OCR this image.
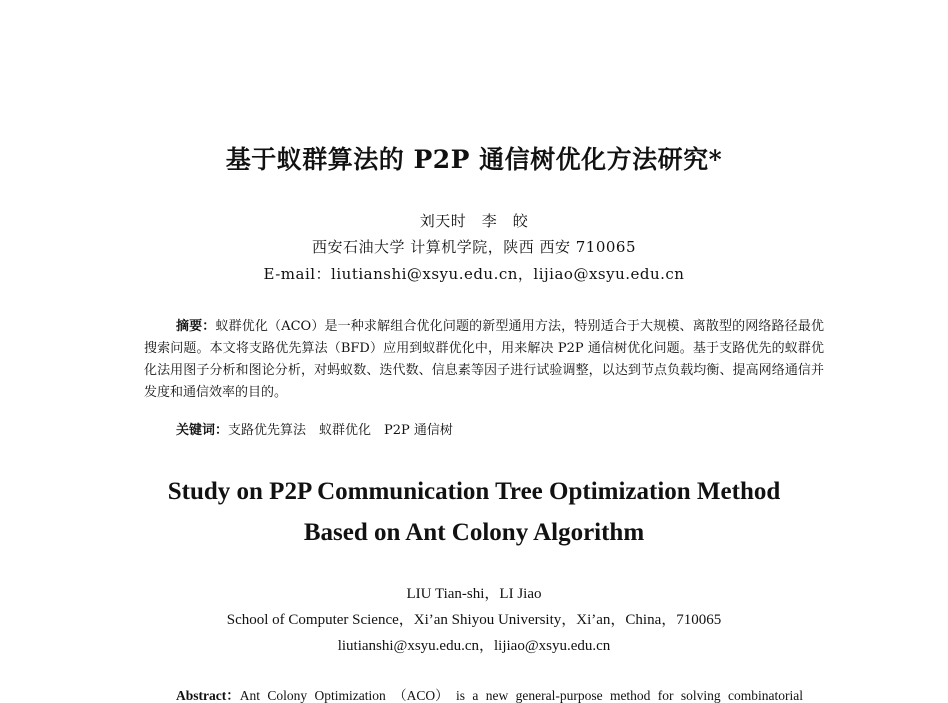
基于蚁群算法的 P2P 通信树优化方法研究*
刘天时　李　皎
西安石油大学 计算机学院，陕西 西安 710065
E-mail：liutianshi@xsyu.edu.cn，lijiao@xsyu.edu.cn
摘要：蚁群优化（ACO）是一种求解组合优化问题的新型通用方法，特别适合于大规模、离散型的网络路径最优搜索问题。本文将支路优先算法（BFD）应用到蚁群优化中，用来解决 P2P 通信树优化问题。基于支路优先的蚁群优化法用图子分析和图论分析，对蚂蚁数、迭代数、信息素等因子进行试验调整，以达到节点负载均衡、提高网络通信并发度和通信效率的目的。
关键词：支路优先算法　蚁群优化　P2P 通信树
Study on P2P Communication Tree Optimization Method
Based on Ant Colony Algorithm
LIU Tian-shi，LI Jiao
School of Computer Science，Xi’an Shiyou University，Xi’an，China，710065
liutianshi@xsyu.edu.cn，lijiao@xsyu.edu.cn
Abstract：Ant Colony Optimization （ACO） is a new general-purpose method for solving combinatorial
